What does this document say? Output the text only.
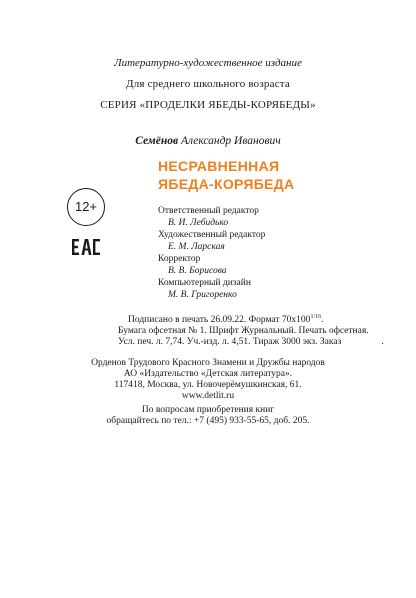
Литературно-художественное издание
Для среднего школьного возраста
СЕРИЯ «ПРОДЕЛКИ ЯБЕДЫ-КОРЯБЕДЫ»
Семёнов Александр Иванович
НЕСРАВНЕННАЯ
ЯБЕДА-КОРЯБЕДА
12+	Ответственный редактор
В. И. Лебидько
Художественный редактор
Е. М. Ларская
Корректор
В. В. Борисова
Компьютерный дизайн
М. В. Григоренко
Подписано в печать 26.09.22. Формат $70х100^{1/16}$.
Бумага офсетная № 1. Шрифт Журнальный. Печать офсетная.
Усл. печ. л. 7,74. Уч.-изд. л. 4,51. Тираж 3000 экз. Заказ	.
Орденов Трудового Красного Знамени и Дружбы народов
АО «Издательство «Детская литература».
117418, Москва, ул. Новочерёмушкинская, 61.
www.detlit.ru
По вопросам приобретения книг
обращайтесь по тел.: +7 (495) 933-55-65, доб. 205.
